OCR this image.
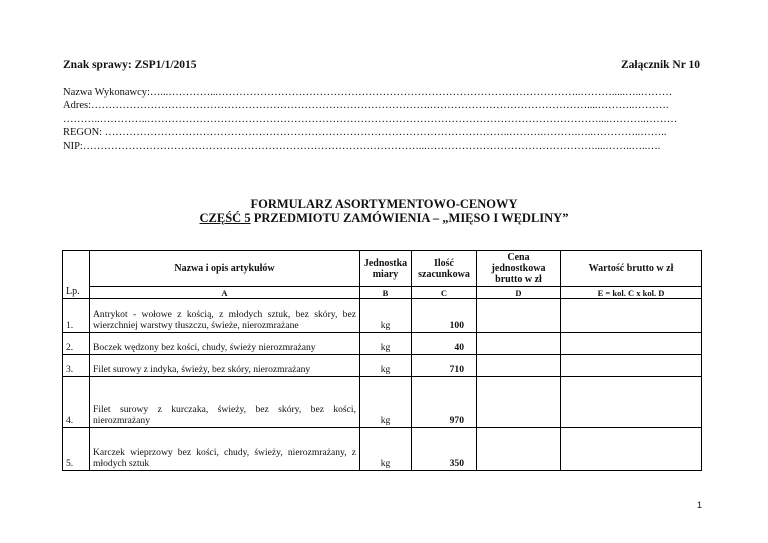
Znak sprawy: ZSP1/1/2015	Załącznik Nr 10
Nazwa Wykonawcy:…...…………...…………………………………………………………………………………………..……….....…..………
Adres:…………………………………………………………………………………….………………………………………....………..……….
………..…………..…………………………………………………………………………………………………………………....………..………
REGON: ……………………………………………………………………………………………………..……….……….…..…………..……..
NIP:……………………………………………………………………………………...…………………………………………....……..…..….
FORMULARZ ASORTYMENTOWO-CENOWY
CZĘŚĆ 5 PRZEDMIOTU ZAMÓWIENIA – „MIĘSO I WĘDLINY”
Lp.	Nazwa i opis artykułów	Jednostka miary	Ilość szacunkowa	Cena jednostkowa brutto w zł	Wartość brutto w zł
	A	B	C	D	E = kol. C x kol. D
1.	Antrykot - wołowe z kością, z młodych sztuk, bez skóry, bez wierzchniej warstwy tłuszczu, świeże, nierozmrażane	kg	100		
2.	Boczek wędzony bez kości, chudy, świeży nierozmrażany	kg	40		
3.	Filet surowy z indyka, świeży, bez skóry, nierozmrażany	kg	710		
4.	Filet surowy z kurczaka, świeży, bez skóry, bez kości, nierozmrażany	kg	970		
5.	Karczek wieprzowy bez kości, chudy, świeży, nierozmrażany, z młodych sztuk	kg	350		
1
